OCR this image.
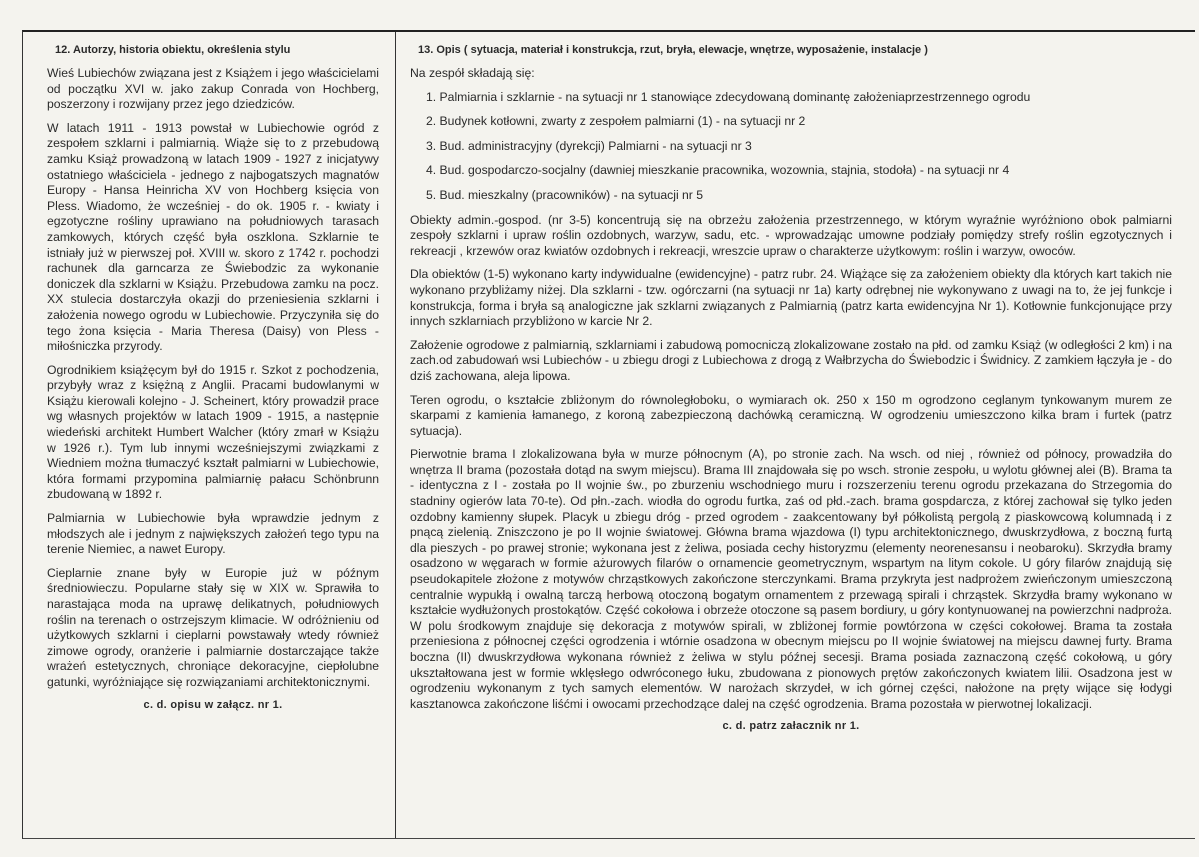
12. Autorzy, historia obiektu, określenia stylu

Wieś Lubiechów związana jest z Książem i jego właścicielami od początku XVI w. jako zakup Conrada von Hochberg, poszerzony i rozwijany przez jego dziedziców.

W latach 1911 - 1913 powstał w Lubiechowie ogród z zespołem szklarni i palmiarnią. Wiąże się to z przebudową zamku Książ prowadzoną w latach 1909 - 1927 z inicjatywy ostatniego właściciela - jednego z najbogatszych magnatów Europy - Hansa Heinricha XV von Hochberg księcia von Pless. Wiadomo, że wcześniej - do ok. 1905 r. - kwiaty i egzotyczne rośliny uprawiano na południowych tarasach zamkowych, których część była oszklona. Szklarnie te istniały już w pierwszej poł. XVIII w. skoro z 1742 r. pochodzi rachunek dla garncarza ze Świebodzic za wykonanie doniczek dla szklarni w Książu. Przebudowa zamku na pocz. XX stulecia dostarczyła okazji do przeniesienia szklarni i założenia nowego ogrodu w Lubiechowie. Przyczyniła się do tego żona księcia - Maria Theresa (Daisy) von Pless - miłośniczka przyrody.

Ogrodnikiem książęcym był do 1915 r. Szkot z pochodzenia, przybyły wraz z księżną z Anglii. Pracami budowlanymi w Książu kierowali kolejno - J. Scheinert, który prowadził prace wg własnych projektów w latach 1909 - 1915, a następnie wiedeński architekt Humbert Walcher (który zmarł w Książu w 1926 r.). Tym lub innymi wcześniejszymi związkami z Wiedniem można tłumaczyć kształt palmiarni w Lubiechowie, która formami przypomina palmiarnię pałacu Schönbrunn zbudowaną w 1892 r.

Palmiarnia w Lubiechowie była wprawdzie jednym z młodszych ale i jednym z największych założeń tego typu na terenie Niemiec, a nawet Europy.

Cieplarnie znane były w Europie już w późnym średniowieczu. Popularne stały się w XIX w. Sprawiła to narastająca moda na uprawę delikatnych, południowych roślin na terenach o ostrzejszym klimacie. W odróżnieniu od użytkowych szklarni i cieplarni powstawały wtedy również zimowe ogrody, oranżerie i palmiarnie dostarczające także wrażeń estetycznych, chroniące dekoracyjne, ciepłolubne gatunki, wyróżniające się rozwiązaniami architektonicznymi.

c. d. opisu w załącz. nr 1.
13. Opis ( sytuacja, materiał i konstrukcja, rzut, bryła, elewacje, wnętrze, wyposażenie, instalacje )

Na zespół składają się:

1. Palmiarnia i szklarnie - na sytuacji nr 1 stanowiące zdecydowaną dominantę założeniaprzestrzennego ogrodu
2. Budynek kotłowni, zwarty z zespołem palmiarni (1) - na sytuacji nr 2
3. Bud. administracyjny (dyrekcji) Palmiarni - na sytuacji nr 3
4. Bud. gospodarczo-socjalny (dawniej mieszkanie pracownika, wozownia, stajnia, stodoła) - na sytuacji nr 4
5. Bud. mieszkalny (pracowników) - na sytuacji nr 5

Obiekty admin.-gospod. (nr 3-5) koncentrują się na obrzeżu założenia przestrzennego, w którym wyraźnie wyróżniono obok palmiarni zespoły szklarni i upraw roślin ozdobnych, warzyw, sadu, etc. - wprowadzając umowne podziały pomiędzy strefy roślin egzotycznych i rekreacji , krzewów oraz kwiatów ozdobnych i rekreacji, wreszcie upraw o charakterze użytkowym: roślin i warzyw, owoców.

Dla obiektów (1-5) wykonano karty indywidualne (ewidencyjne) - patrz rubr. 24. Wiążące się za założeniem obiekty dla których kart takich nie wykonano przybliżamy niżej. Dla szklarni - tzw. ogórczarni (na sytuacji nr 1a) karty odrębnej nie wykonywano z uwagi na to, że jej funkcje i konstrukcja, forma i bryła są analogiczne jak szklarni związanych z Palmiarnią (patrz karta ewidencyjna Nr 1). Kotłownie funkcjonujące przy innych szklarniach przybliżono w karcie Nr 2.

Założenie ogrodowe z palmiarnią, szklarniami i zabudową pomocniczą zlokalizowane zostało na płd. od zamku Książ (w odległości 2 km) i na zach.od zabudowań wsi Lubiechów - u zbiegu drogi z Lubiechowa z drogą z Wałbrzycha do Świebodzic i Świdnicy. Z zamkiem łączyła je - do dziś zachowana, aleja lipowa.

Teren ogrodu, o kształcie zbliżonym do równoległoboku, o wymiarach ok. 250 x 150 m ogrodzono ceglanym tynkowanym murem ze skarpami z kamienia łamanego, z koroną zabezpieczoną dachówką ceramiczną. W ogrodzeniu umieszczono kilka bram i furtek (patrz sytuacja).

Pierwotnie brama I zlokalizowana była w murze północnym (A), po stronie zach. Na wsch. od niej , również od północy, prowadziła do wnętrza II brama (pozostała dotąd na swym miejscu). Brama III znajdowała się po wsch. stronie zespołu, u wylotu głównej alei (B). Brama ta - identyczna z I - została po II wojnie św., po zburzeniu wschodniego muru i rozszerzeniu terenu ogrodu przekazana do Strzegomia do stadniny ogierów lata 70-te). Od płn.-zach. wiodła do ogrodu furtka, zaś od płd.-zach. brama gospdarcza, z której zachował się tylko jeden ozdobny kamienny słupek. Placyk u zbiegu dróg - przed ogrodem - zaakcentowany był półkolistą pergolą z piaskowcową kolumnadą i z pnącą zielenią. Zniszczono je po II wojnie światowej. Główna brama wjazdowa (I) typu architektonicznego, dwuskrzydłowa, z boczną furtą dla pieszych - po prawej stronie; wykonana jest z żeliwa, posiada cechy historyzmu (elementy neorenesansu i neobaroku). Skrzydła bramy osadzono w węgarach w formie ażurowych filarów o ornamencie geometrycznym, wspartym na litym cokole. U góry filarów znajdują się pseudokapitele złożone z motywów chrząstkowych zakończone sterczynkami. Brama przykryta jest nadprożem zwieńczonym umieszczoną centralnie wypukłą i owalną tarczą herbową otoczoną bogatym ornamentem z przewagą spirali i chrząstek. Skrzydła bramy wykonano w kształcie wydłużonych prostokątów. Część cokołowa i obrzeże otoczone są pasem bordiury, u góry kontynuowanej na powierzchni nadproża. W polu środkowym znajduje się dekoracja z motywów spirali, w zbliżonej formie powtórzona w części cokołowej. Brama ta została przeniesiona z północnej części ogrodzenia i wtórnie osadzona w obecnym miejscu po II wojnie światowej na miejscu dawnej furty. Brama boczna (II) dwuskrzydłowa wykonana również z żeliwa w stylu późnej secesji. Brama posiada zaznaczoną część cokołową, u góry ukształtowana jest w formie wklęsłego odwróconego łuku, zbudowana z pionowych prętów zakończonych kwiatem lilii. Osadzona jest w ogrodzeniu wykonanym z tych samych elementów. W narożach skrzydeł, w ich górnej części, nałożone na pręty wijące się łodygi kasztanowca zakończone liśćmi i owocami przechodzące dalej na część ogrodzenia. Brama pozostała w pierwotnej lokalizacji.

c. d. patrz załacznik nr 1.
